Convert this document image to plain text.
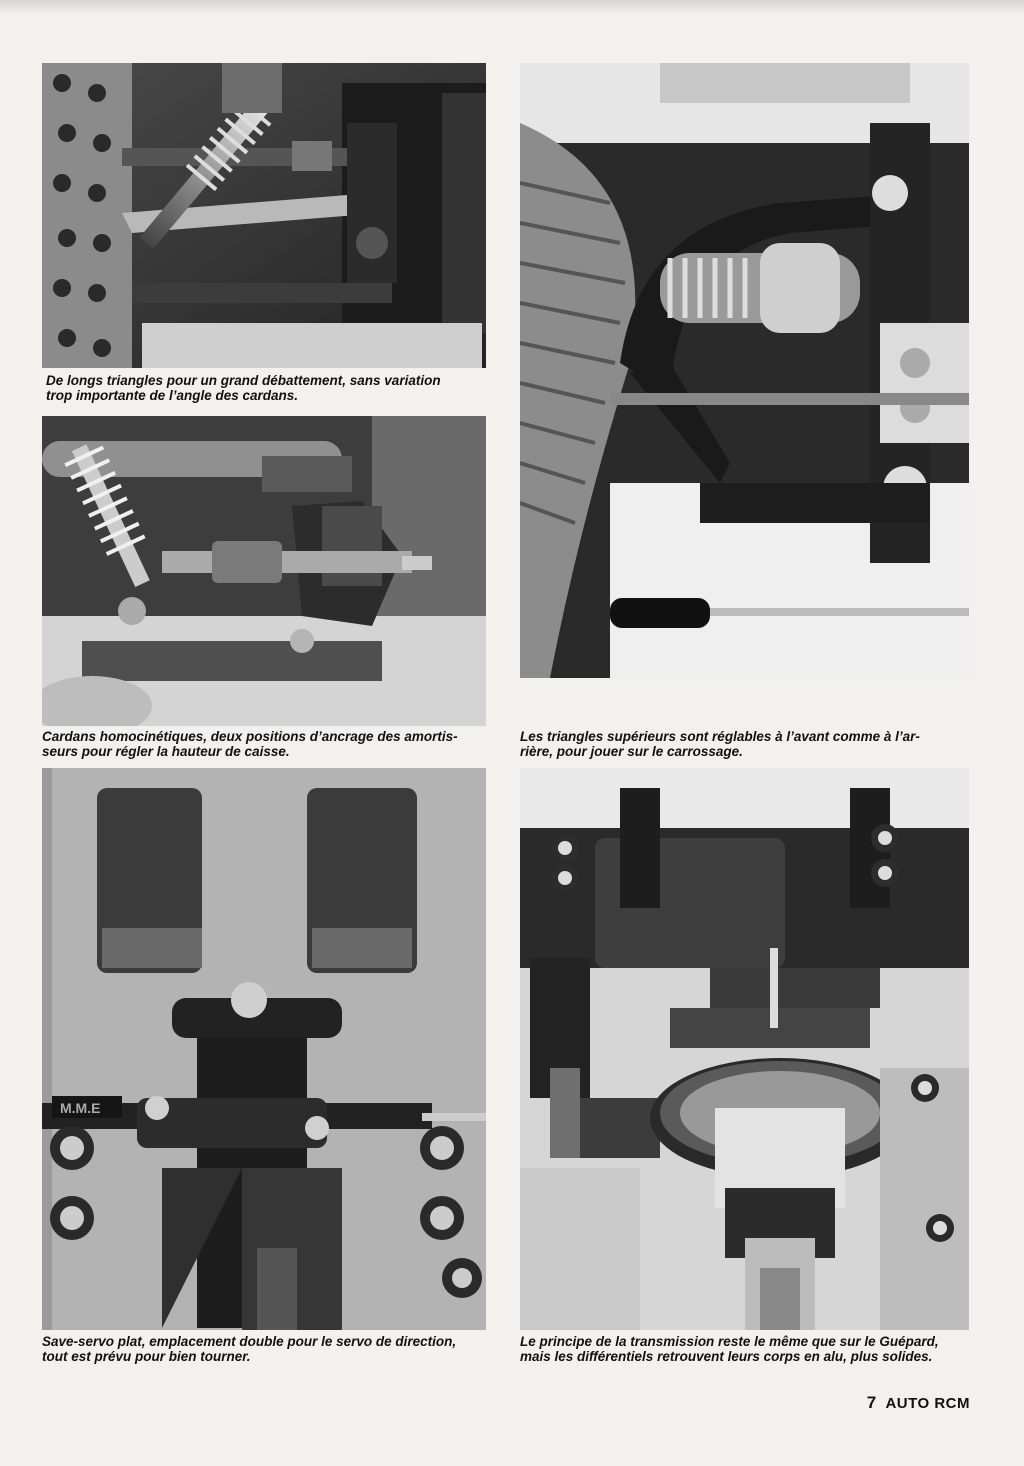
De longs triangles pour un grand débattement, sans variation
trop importante de l’angle des cardans.

Cardans homocinétiques, deux positions d’ancrage des amortis-
seurs pour régler la hauteur de caisse.

Les triangles supérieurs sont réglables à l’avant comme à l’ar-
rière, pour jouer sur le carrossage.

M.M.E

Save-servo plat, emplacement double pour le servo de direction,
tout est prévu pour bien tourner.

Le principe de la transmission reste le même que sur le Guépard,
mais les différentiels retrouvent leurs corps en alu, plus solides.

7 AUTO RCM
